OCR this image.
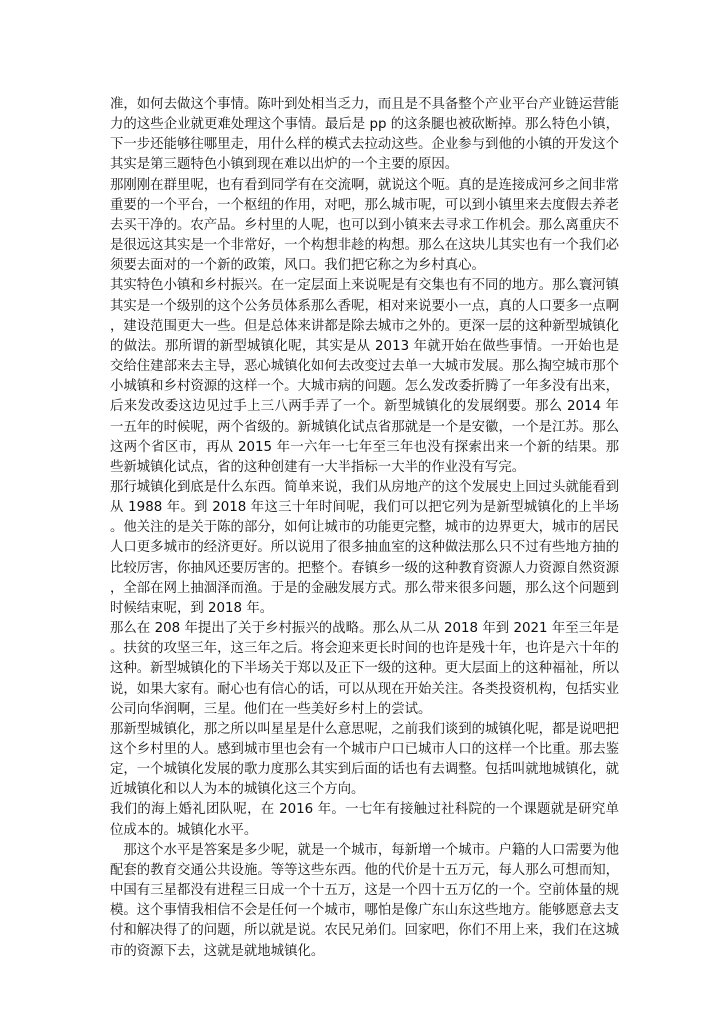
准，如何去做这个事情。陈叶到处相当乏力，而且是不具备整个产业平台产业链运营能力的这些企业就更难处理这个事情。最后是 pp 的这条腿也被砍断掉。那么特色小镇，下一步还能够往哪里走，用什么样的模式去拉动这些。企业参与到他的小镇的开发这个其实是第三题特色小镇到现在难以出炉的一个主要的原因。

那刚刚在群里呢，也有看到同学有在交流啊，就说这个呃。真的是连接成河乡之间非常重要的一个平台，一个枢纽的作用，对吧，那么城市呢，可以到小镇里来去度假去养老去买干净的。农产品。乡村里的人呢，也可以到小镇来去寻求工作机会。那么离重庆不是很远这其实是一个非常好，一个构想非趁的构想。那么在这块儿其实也有一个我们必须要去面对的一个新的政策，风口。我们把它称之为乡村真心。

其实特色小镇和乡村振兴。在一定层面上来说呢是有交集也有不同的地方。那么寰河镇其实是一个级别的这个公务员体系那么香呢，相对来说要小一点，真的人口要多一点啊，建设范围更大一些。但是总体来讲都是除去城市之外的。更深一层的这种新型城镇化的做法。那所谓的新型城镇化呢，其实是从 2013 年就开始在做些事情。一开始也是交给住建部来去主导，恶心城镇化如何去改变过去单一大城市发展。那么掏空城市那个小城镇和乡村资源的这样一个。大城市病的问题。怎么发改委折腾了一年多没有出来，后来发改委这边见过手上三八两手弄了一个。新型城镇化的发展纲要。那么 2014 年一五年的时候呢，两个省级的。新城镇化试点省那就是一个是安徽，一个是江苏。那么这两个省区市，再从 2015 年一六年一七年至三年也没有探索出来一个新的结果。那些新城镇化试点，省的这种创建有一大半指标一大半的作业没有写完。

那行城镇化到底是什么东西。简单来说，我们从房地产的这个发展史上回过头就能看到从 1988 年。到 2018 年这三十年时间呢，我们可以把它列为是新型城镇化的上半场。他关注的是关于陈的部分，如何让城市的功能更完整，城市的边界更大，城市的居民人口更多城市的经济更好。所以说用了很多抽血室的这种做法那么只不过有些地方抽的比较厉害，你抽风还要厉害的。把整个。春镇乡一级的这种教育资源人力资源自然资源，全部在网上抽涸泽而渔。于是的金融发展方式。那么带来很多问题，那么这个问题到时候结束呢，到 2018 年。

那么在 208 年提出了关于乡村振兴的战略。那么从二从 2018 年到 2021 年至三年是。扶贫的攻坚三年，这三年之后。将会迎来更长时间的也许是残十年，也许是六十年的这种。新型城镇化的下半场关于郑以及正下一级的这种。更大层面上的这种福祉，所以说，如果大家有。耐心也有信心的话，可以从现在开始关注。各类投资机构，包括实业公司向华润啊，三星。他们在一些美好乡村上的尝试。

那新型城镇化，那之所以叫星星是什么意思呢，之前我们谈到的城镇化呢，都是说吧把这个乡村里的人。感到城市里也会有一个城市户口已城市人口的这样一个比重。那去鉴定，一个城镇化发展的歌力度那么其实到后面的话也有去调整。包括叫就地城镇化，就近城镇化和以人为本的城镇化这三个方向。

我们的海上婚礼团队呢，在 2016 年。一七年有接触过社科院的一个课题就是研究单位成本的。城镇化水平。

那这个水平是答案是多少呢，就是一个城市，每新增一个城市。户籍的人口需要为他配套的教育交通公共设施。等等这些东西。他的代价是十五万元，每人那么可想而知，中国有三星都没有进程三日成一个十五万，这是一个四十五万亿的一个。空前体量的规模。这个事情我相信不会是任何一个城市，哪怕是像广东山东这些地方。能够愿意去支付和解决得了的问题，所以就是说。农民兄弟们。回家吧，你们不用上来，我们在这城市的资源下去，这就是就地城镇化。
